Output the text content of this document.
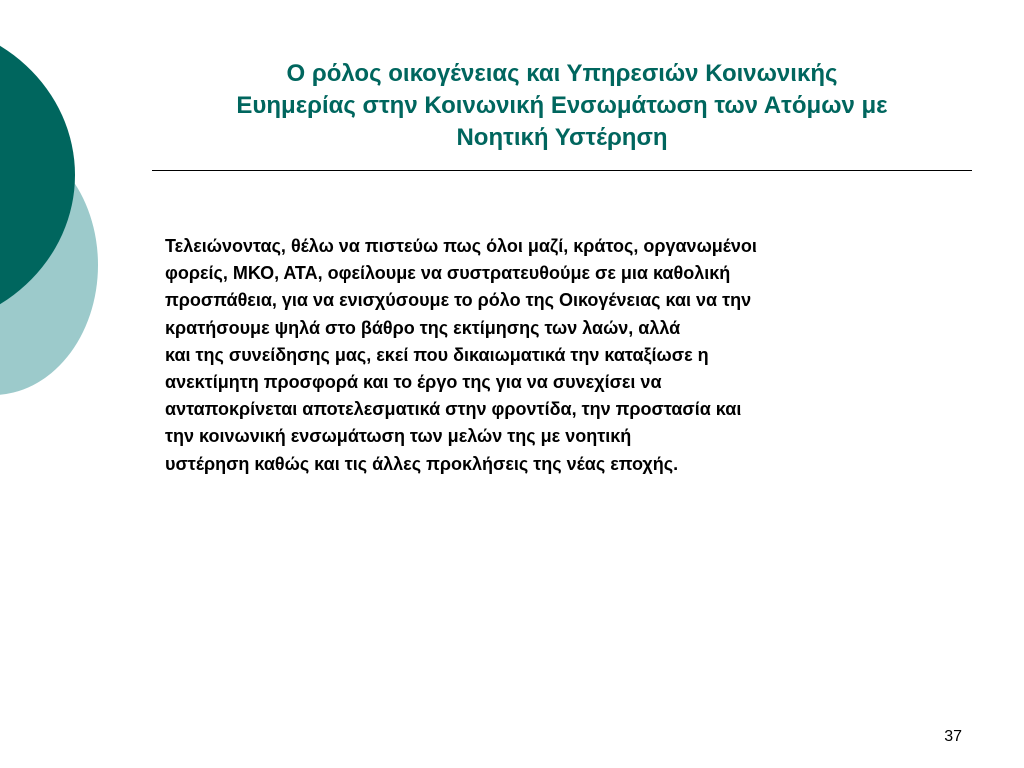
Ο ρόλος οικογένειας και Υπηρεσιών Κοινωνικής
Ευημερίας στην Κοινωνική Ενσωμάτωση των Ατόμων με
Νοητική Υστέρηση

Τελειώνοντας, θέλω να πιστεύω πως όλοι μαζί, κράτος, οργανωμένοι
φορείς, ΜΚΟ, ΑΤΑ, οφείλουμε να συστρατευθούμε σε μια καθολική
προσπάθεια, για να ενισχύσουμε το ρόλο της Οικογένειας και να την
κρατήσουμε ψηλά στο βάθρο της εκτίμησης των λαών, αλλά
και της συνείδησης μας, εκεί που δικαιωματικά την καταξίωσε η
ανεκτίμητη προσφορά και το έργο της για να συνεχίσει να
ανταποκρίνεται αποτελεσματικά στην φροντίδα, την προστασία και
την κοινωνική ενσωμάτωση των μελών της με νοητική
υστέρηση καθώς και τις άλλες προκλήσεις της νέας εποχής.

37
